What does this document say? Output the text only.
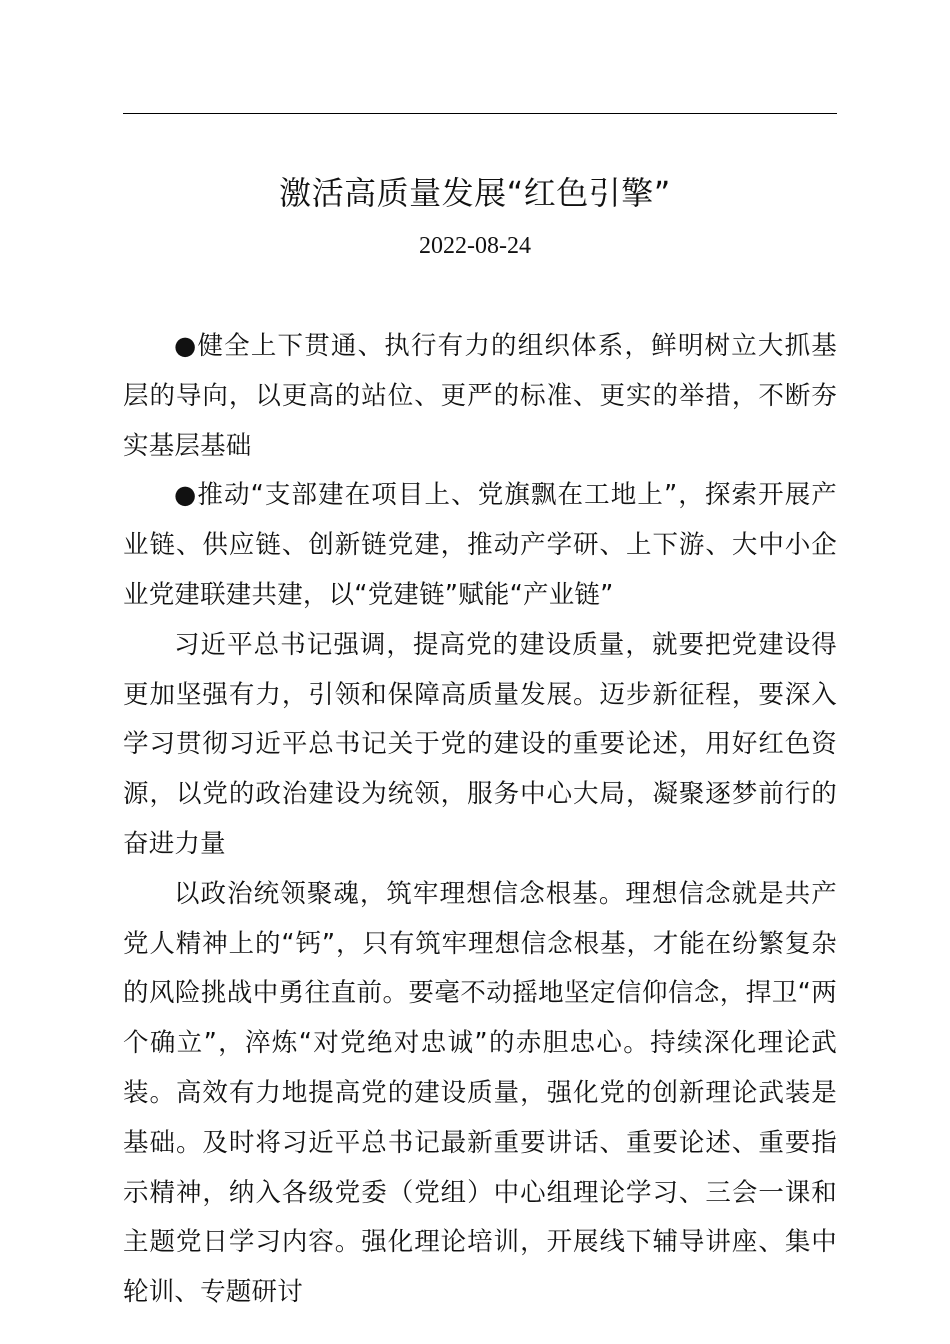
激活高质量发展“红色引擎”
2022-08-24

●健全上下贯通、执行有力的组织体系，鲜明树立大抓基层的导向，以更高的站位、更严的标准、更实的举措，不断夯实基层基础

●推动“支部建在项目上、党旗飘在工地上”，探索开展产业链、供应链、创新链党建，推动产学研、上下游、大中小企业党建联建共建，以“党建链”赋能“产业链”

习近平总书记强调，提高党的建设质量，就要把党建设得更加坚强有力，引领和保障高质量发展。迈步新征程，要深入学习贯彻习近平总书记关于党的建设的重要论述，用好红色资源，以党的政治建设为统领，服务中心大局，凝聚逐梦前行的奋进力量

以政治统领聚魂，筑牢理想信念根基。理想信念就是共产党人精神上的“钙”，只有筑牢理想信念根基，才能在纷繁复杂的风险挑战中勇往直前。要毫不动摇地坚定信仰信念，捍卫“两个确立”，淬炼“对党绝对忠诚”的赤胆忠心。持续深化理论武装。高效有力地提高党的建设质量，强化党的创新理论武装是基础。及时将习近平总书记最新重要讲话、重要论述、重要指示精神，纳入各级党委（党组）中心组理论学习、三会一课和主题党日学习内容。强化理论培训，开展线下辅导讲座、集中轮训、专题研讨
